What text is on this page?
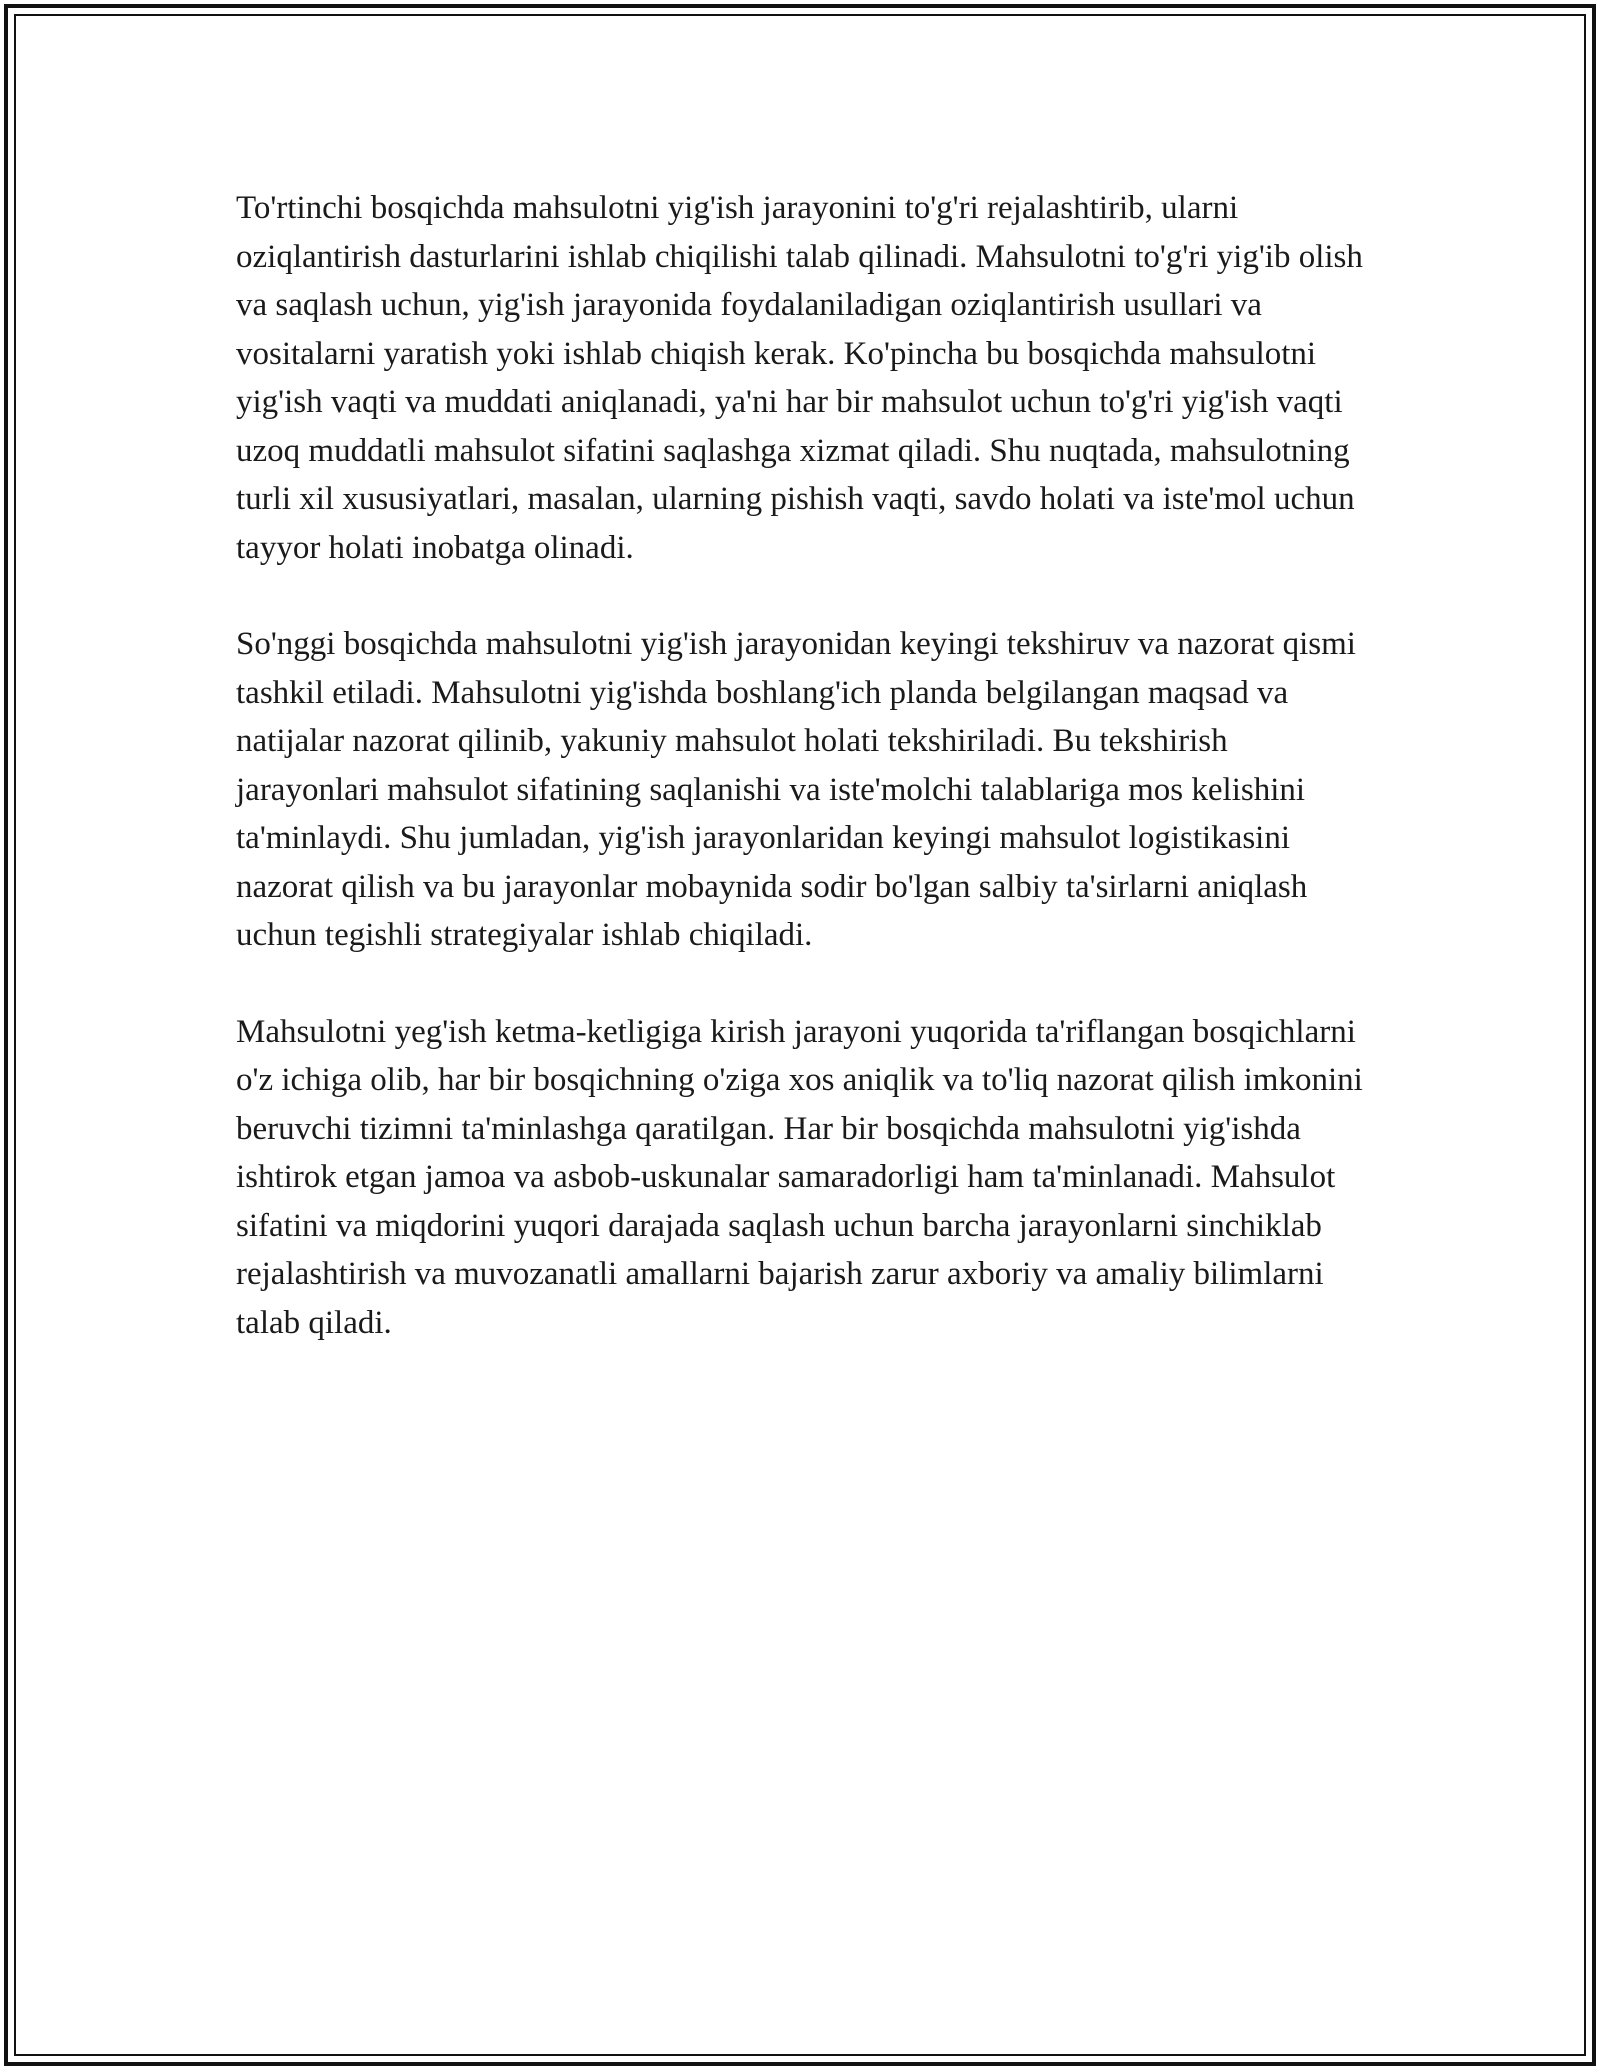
To'rtinchi bosqichda mahsulotni yig'ish jarayonini to'g'ri rejalashtirib, ularni oziqlantirish dasturlarini ishlab chiqilishi talab qilinadi. Mahsulotni to'g'ri yig'ib olish va saqlash uchun, yig'ish jarayonida foydalaniladigan oziqlantirish usullari va vositalarni yaratish yoki ishlab chiqish kerak. Ko'pincha bu bosqichda mahsulotni yig'ish vaqti va muddati aniqlanadi, ya'ni har bir mahsulot uchun to'g'ri yig'ish vaqti uzoq muddatli mahsulot sifatini saqlashga xizmat qiladi. Shu nuqtada, mahsulotning turli xil xususiyatlari, masalan, ularning pishish vaqti, savdo holati va iste'mol uchun tayyor holati inobatga olinadi.

So'nggi bosqichda mahsulotni yig'ish jarayonidan keyingi tekshiruv va nazorat qismi tashkil etiladi. Mahsulotni yig'ishda boshlang'ich planda belgilangan maqsad va natijalar nazorat qilinib, yakuniy mahsulot holati tekshiriladi. Bu tekshirish jarayonlari mahsulot sifatining saqlanishi va iste'molchi talablariga mos kelishini ta'minlaydi. Shu jumladan, yig'ish jarayonlaridan keyingi mahsulot logistikasini nazorat qilish va bu jarayonlar mobaynida sodir bo'lgan salbiy ta'sirlarni aniqlash uchun tegishli strategiyalar ishlab chiqiladi.

Mahsulotni yeg'ish ketma-ketligiga kirish jarayoni yuqorida ta'riflangan bosqichlarni o'z ichiga olib, har bir bosqichning o'ziga xos aniqlik va to'liq nazorat qilish imkonini beruvchi tizimni ta'minlashga qaratilgan. Har bir bosqichda mahsulotni yig'ishda ishtirok etgan jamoa va asbob-uskunalar samaradorligi ham ta'minlanadi. Mahsulot sifatini va miqdorini yuqori darajada saqlash uchun barcha jarayonlarni sinchiklab rejalashtirish va muvozanatli amallarni bajarish zarur axboriy va amaliy bilimlarni talab qiladi.
